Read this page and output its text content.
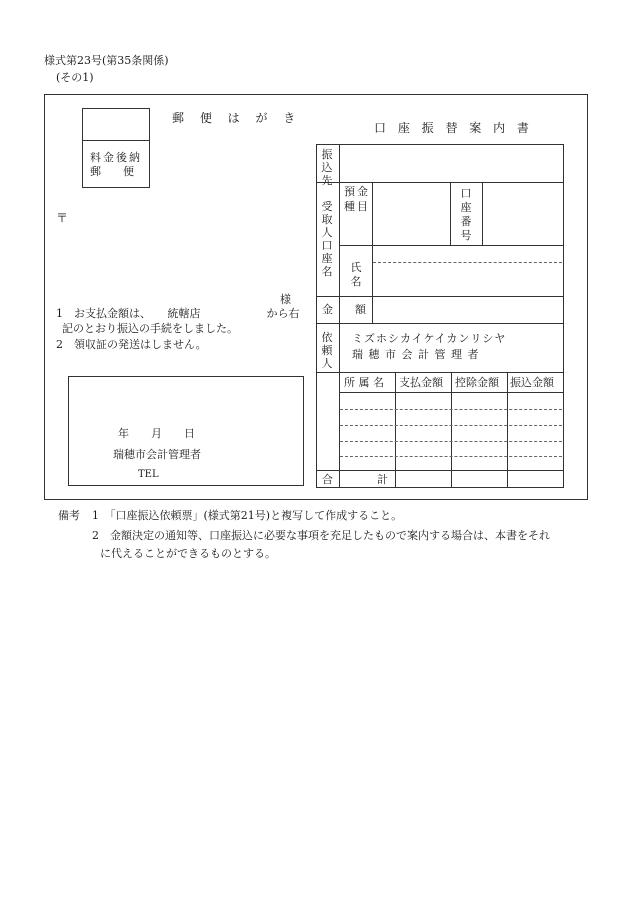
様式第23号(第35条関係)
(その1)
料金後納
郵　　便
郵 便 は が き
〒
様
1　お支払金額は、　　統轄店　　　　　　から右
記のとおり振込の手続をしました。
2　領収証の発送はしません。
年　　月　　日
瑞穂市会計管理者
TEL
口 座 振 替 案 内 書
振込先
受取人口座名
依頼人
口座番号
預金
種目
氏名
金　　額
ミズホシカイケイカンリシヤ
瑞 穂 市 会 計 管 理 者
所 属 名 支払金額 控除金額 振込金額
合　　　　計
備考 1　「口座振込依頼票」(様式第21号)と複写して作成すること。
2　金額決定の通知等、口座振込に必要な事項を充足したもので案内する場合は、本書をそれ
に代えることができるものとする。
